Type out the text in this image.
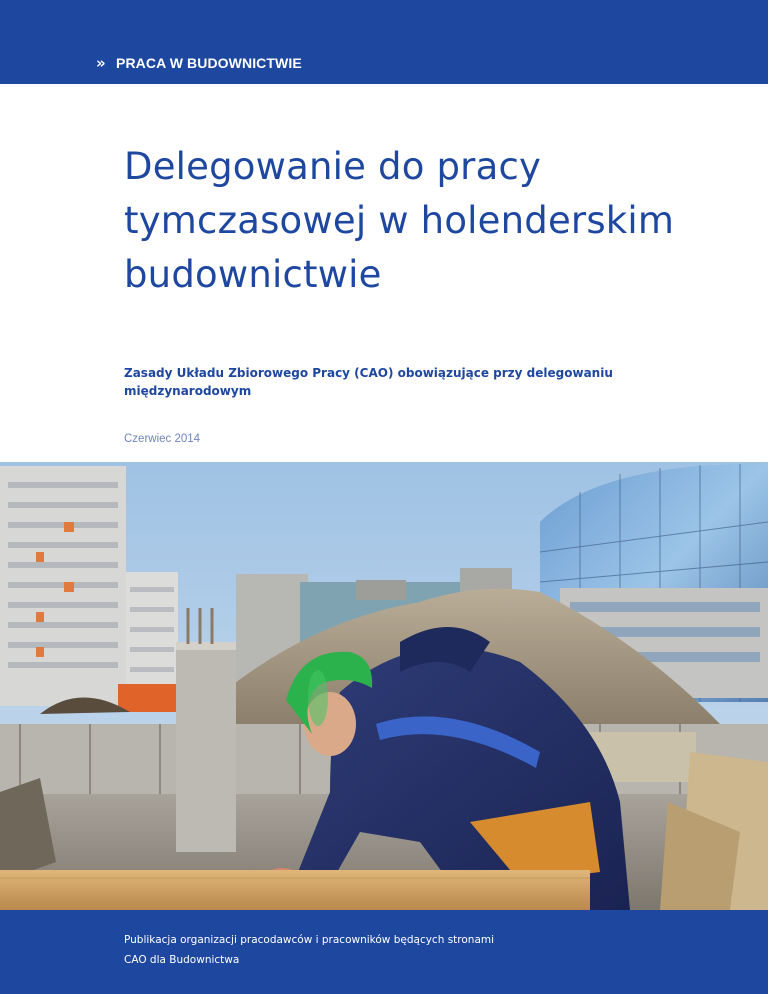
» PRACA W BUDOWNICTWIE
Delegowanie do pracy
tymczasowej w holenderskim
budownictwie

Zasady Układu Zbiorowego Pracy (CAO) obowiązujące przy delegowaniu międzynarodowym

Czerwiec 2014

Publikacja organizacji pracodawców i pracowników będących stronami
CAO dla Budownictwa
